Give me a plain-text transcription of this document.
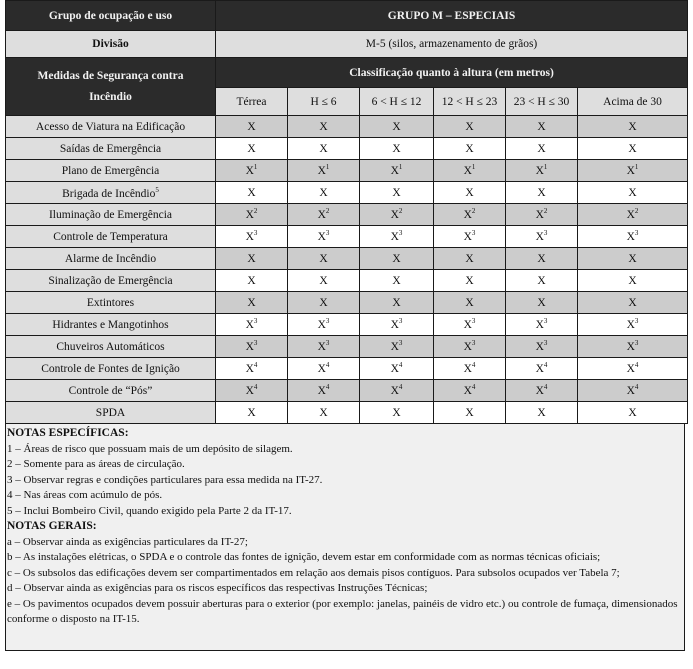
Grupo de ocupação e uso	GRUPO M – ESPECIAIS					
Divisão	M-5 (silos, armazenamento de grãos)					
Medidas de Segurança contra
Incêndio	Classificação quanto à altura (em metros)					
	Térrea	H ≤ 6	6 < H ≤ 12	12 < H ≤ 23	23 < H ≤ 30	Acima de 30
Acesso de Viatura na Edificação	X	X	X	X	X	X
Saídas de Emergência	X	X	X	X	X	X
Plano de Emergência	$X^1$	$X^1$	$X^1$	$X^1$	$X^1$	$X^1$
Brigada de Incêndio$^5$	X	X	X	X	X	X
Iluminação de Emergência	$X^2$	$X^2$	$X^2$	$X^2$	$X^2$	$X^2$
Controle de Temperatura	$X^3$	$X^3$	$X^3$	$X^3$	$X^3$	$X^3$
Alarme de Incêndio	X	X	X	X	X	X
Sinalização de Emergência	X	X	X	X	X	X
Extintores	X	X	X	X	X	X
Hidrantes e Mangotinhos	$X^3$	$X^3$	$X^3$	$X^3$	$X^3$	$X^3$
Chuveiros Automáticos	$X^3$	$X^3$	$X^3$	$X^3$	$X^3$	$X^3$
Controle de Fontes de Ignição	$X^4$	$X^4$	$X^4$	$X^4$	$X^4$	$X^4$
Controle de “Pós”	$X^4$	$X^4$	$X^4$	$X^4$	$X^4$	$X^4$
SPDA	X	X	X	X	X	X
NOTAS ESPECÍFICAS:
1 – Áreas de risco que possuam mais de um depósito de silagem.
2 – Somente para as áreas de circulação.
3 – Observar regras e condições particulares para essa medida na IT-27.
4 – Nas áreas com acúmulo de pós.
5 – Inclui Bombeiro Civil, quando exigido pela Parte 2 da IT-17.
NOTAS GERAIS:
a – Observar ainda as exigências particulares da IT-27;
b – As instalações elétricas, o SPDA e o controle das fontes de ignição, devem estar em conformidade com as normas técnicas oficiais;
c – Os subsolos das edificações devem ser compartimentados em relação aos demais pisos contíguos. Para subsolos ocupados ver Tabela 7;
d – Observar ainda as exigências para os riscos específicos das respectivas Instruções Técnicas;
e – Os pavimentos ocupados devem possuir aberturas para o exterior (por exemplo: janelas, painéis de vidro etc.) ou controle de fumaça, dimensionados conforme o disposto na IT-15.
